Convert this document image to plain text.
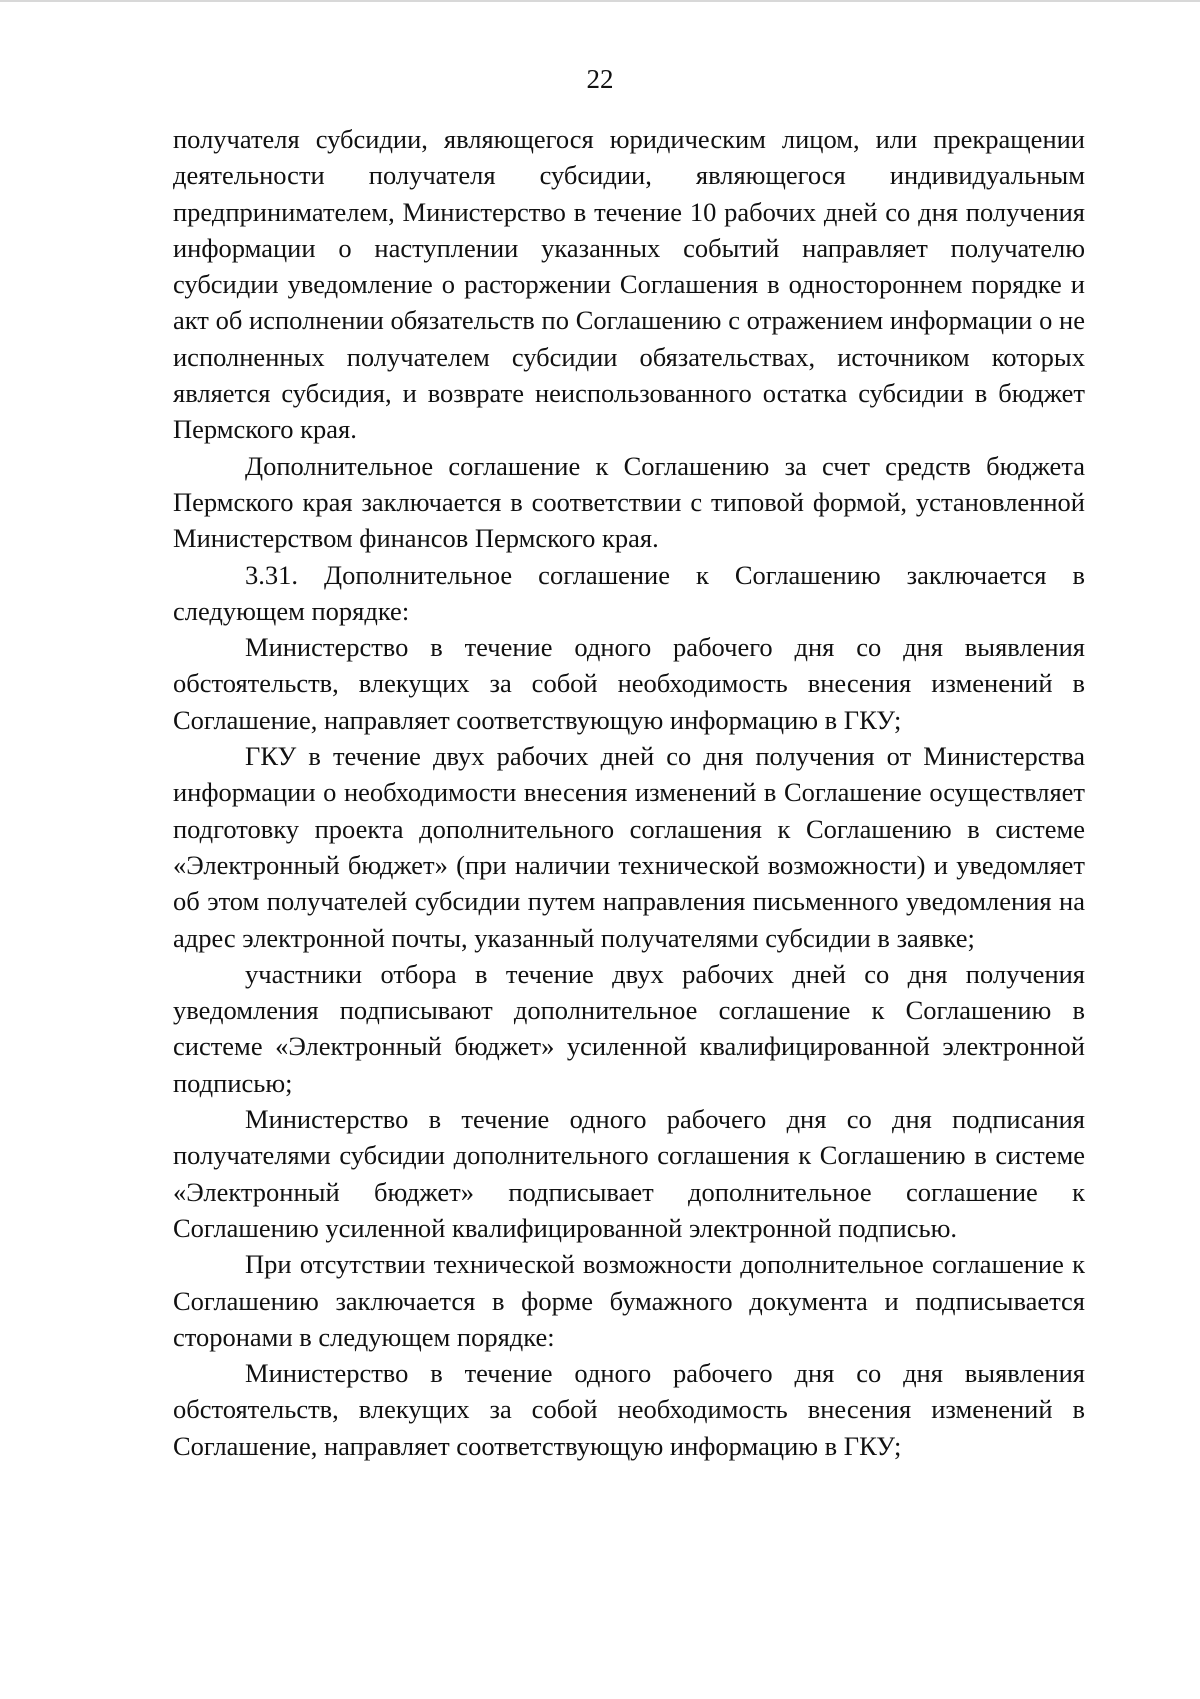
22

получателя субсидии, являющегося юридическим лицом, или прекращении деятельности получателя субсидии, являющегося индивидуальным предпринимателем, Министерство в течение 10 рабочих дней со дня получения информации о наступлении указанных событий направляет получателю субсидии уведомление о расторжении Соглашения в одностороннем порядке и акт об исполнении обязательств по Соглашению с отражением информации о не исполненных получателем субсидии обязательствах, источником которых является субсидия, и возврате неиспользованного остатка субсидии в бюджет Пермского края.

Дополнительное соглашение к Соглашению за счет средств бюджета Пермского края заключается в соответствии с типовой формой, установленной Министерством финансов Пермского края.

3.31. Дополнительное соглашение к Соглашению заключается в следующем порядке:

Министерство в течение одного рабочего дня со дня выявления обстоятельств, влекущих за собой необходимость внесения изменений в Соглашение, направляет соответствующую информацию в ГКУ;

ГКУ в течение двух рабочих дней со дня получения от Министерства информации о необходимости внесения изменений в Соглашение осуществляет подготовку проекта дополнительного соглашения к Соглашению в системе «Электронный бюджет» (при наличии технической возможности) и уведомляет об этом получателей субсидии путем направления письменного уведомления на адрес электронной почты, указанный получателями субсидии в заявке;

участники отбора в течение двух рабочих дней со дня получения уведомления подписывают дополнительное соглашение к Соглашению в системе «Электронный бюджет» усиленной квалифицированной электронной подписью;

Министерство в течение одного рабочего дня со дня подписания получателями субсидии дополнительного соглашения к Соглашению в системе «Электронный бюджет» подписывает дополнительное соглашение к Соглашению усиленной квалифицированной электронной подписью.

При отсутствии технической возможности дополнительное соглашение к Соглашению заключается в форме бумажного документа и подписывается сторонами в следующем порядке:

Министерство в течение одного рабочего дня со дня выявления обстоятельств, влекущих за собой необходимость внесения изменений в Соглашение, направляет соответствующую информацию в ГКУ;
